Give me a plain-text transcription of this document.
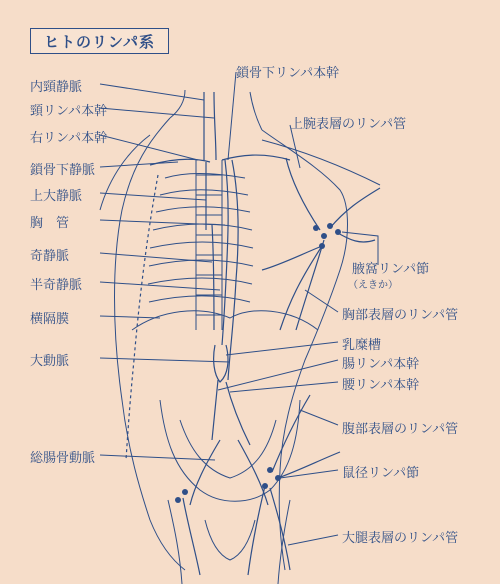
ヒトのリンパ系
内頸静脈
頸リンパ本幹
右リンパ本幹
鎖骨下静脈
上大静脈
胸　管
奇静脈
半奇静脈
横隔膜
大動脈
総腸骨動脈
鎖骨下リンパ本幹
上腕表層のリンパ管
腋窩リンパ節
（えきか）
胸部表層のリンパ管
乳糜槽
腸リンパ本幹
腰リンパ本幹
腹部表層のリンパ管
鼠径リンパ節
大腿表層のリンパ管
